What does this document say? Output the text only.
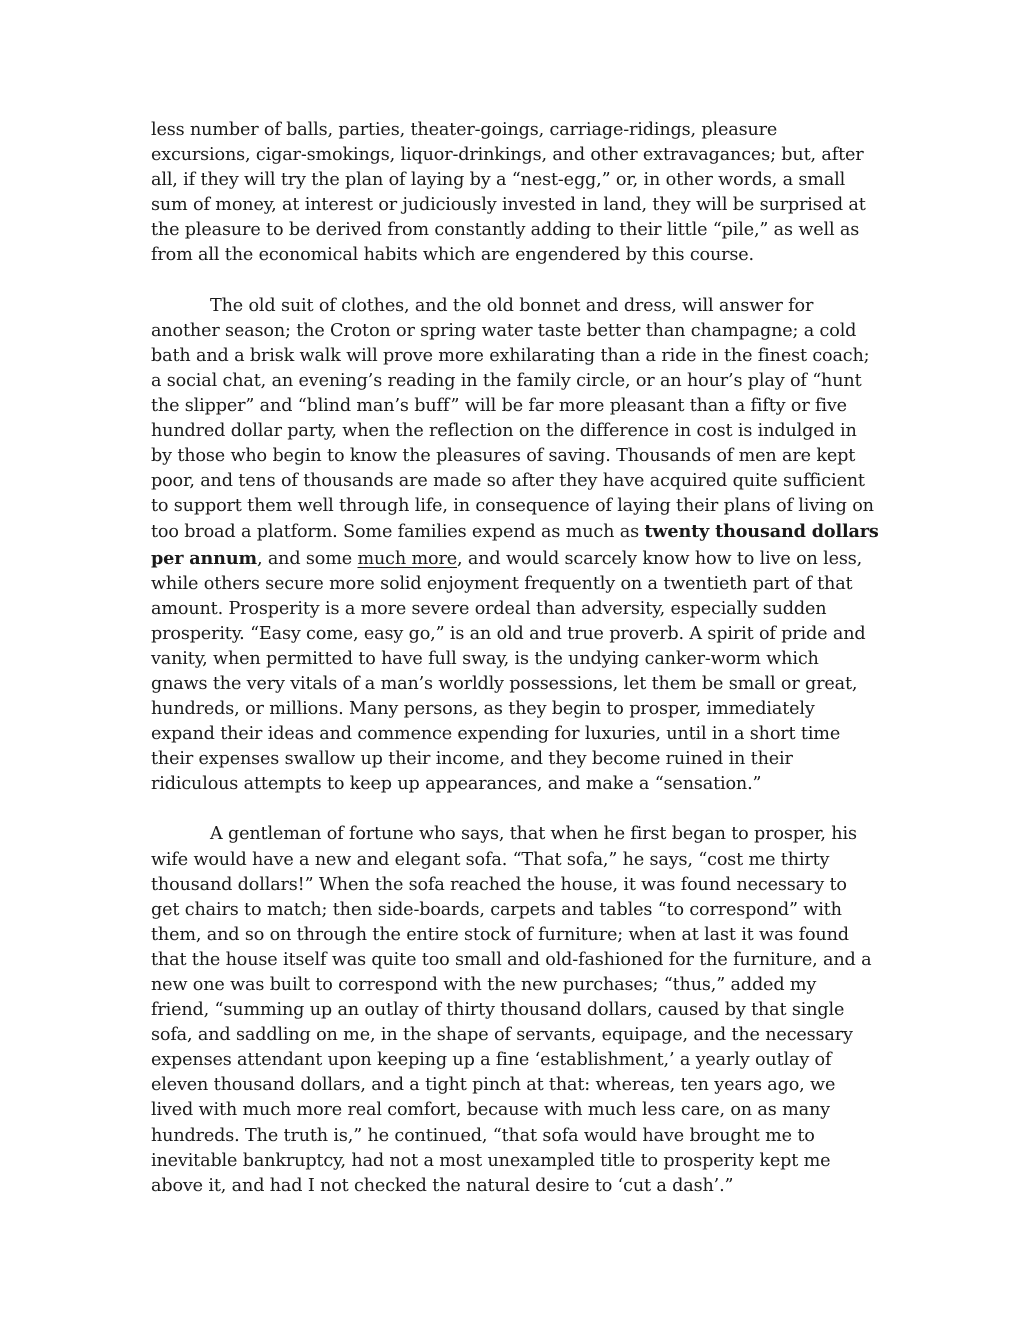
less number of balls, parties, theater-goings, carriage-ridings, pleasure excursions, cigar-smokings, liquor-drinkings, and other extravagances; but, after all, if they will try the plan of laying by a “nest-egg,” or, in other words, a small sum of money, at interest or judiciously invested in land, they will be surprised at the pleasure to be derived from constantly adding to their little “pile,” as well as from all the economical habits which are engendered by this course.

The old suit of clothes, and the old bonnet and dress, will answer for another season; the Croton or spring water taste better than champagne; a cold bath and a brisk walk will prove more exhilarating than a ride in the finest coach; a social chat, an evening’s reading in the family circle, or an hour’s play of “hunt the slipper” and “blind man’s buff” will be far more pleasant than a fifty or five hundred dollar party, when the reflection on the difference in cost is indulged in by those who begin to know the pleasures of saving. Thousands of men are kept poor, and tens of thousands are made so after they have acquired quite sufficient to support them well through life, in consequence of laying their plans of living on too broad a platform. Some families expend as much as twenty thousand dollars per annum, and some much more, and would scarcely know how to live on less, while others secure more solid enjoyment frequently on a twentieth part of that amount. Prosperity is a more severe ordeal than adversity, especially sudden prosperity. “Easy come, easy go,” is an old and true proverb. A spirit of pride and vanity, when permitted to have full sway, is the undying canker-worm which gnaws the very vitals of a man’s worldly possessions, let them be small or great, hundreds, or millions. Many persons, as they begin to prosper, immediately expand their ideas and commence expending for luxuries, until in a short time their expenses swallow up their income, and they become ruined in their ridiculous attempts to keep up appearances, and make a “sensation.”

A gentleman of fortune who says, that when he first began to prosper, his wife would have a new and elegant sofa. “That sofa,” he says, “cost me thirty thousand dollars!” When the sofa reached the house, it was found necessary to get chairs to match; then side-boards, carpets and tables “to correspond” with them, and so on through the entire stock of furniture; when at last it was found that the house itself was quite too small and old-fashioned for the furniture, and a new one was built to correspond with the new purchases; “thus,” added my friend, “summing up an outlay of thirty thousand dollars, caused by that single sofa, and saddling on me, in the shape of servants, equipage, and the necessary expenses attendant upon keeping up a fine ‘establishment,’ a yearly outlay of eleven thousand dollars, and a tight pinch at that: whereas, ten years ago, we lived with much more real comfort, because with much less care, on as many hundreds. The truth is,” he continued, “that sofa would have brought me to inevitable bankruptcy, had not a most unexampled title to prosperity kept me above it, and had I not checked the natural desire to ‘cut a dash’.”
